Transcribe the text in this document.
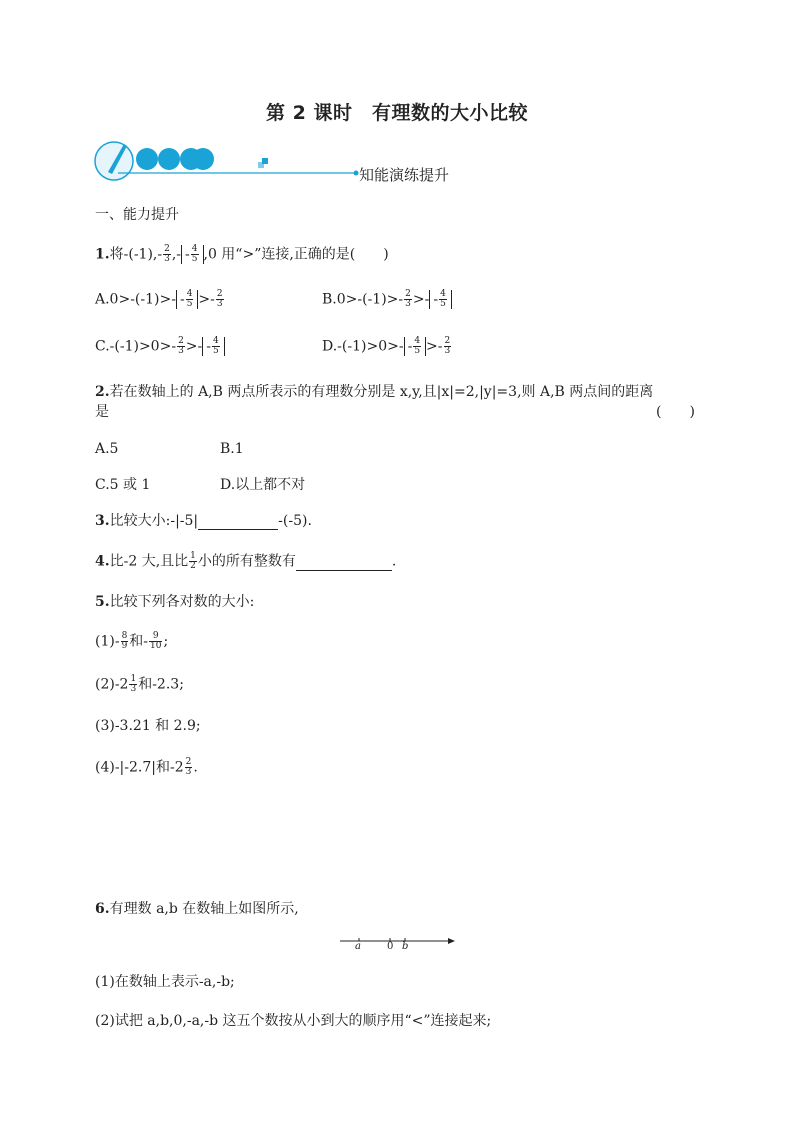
第 2 课时　有理数的大小比较
知能演练提升
一、能力提升
1.将$-(-1),- \frac{2}{3}$ ,- - $\frac{4}{5} ,0$ 用“>”连接,正确的是(　　)
$A.0>-(-1)>- - \frac{4}{5} >- \frac{2}{3}$	$B.0>-(-1)>- \frac{2}{3}$ >- - $\frac{4}{5}$
$C.-(-1)>0>- \frac{2}{3}$ >- - $\frac{4}{5}$	$D.-(-1)>0>- - \frac{4}{5} >- \frac{2}{3}$
2.若在数轴上的 A,B 两点所表示的有理数分别是 x,y,且|x|=2,|y|=3,则 A,B 两点间的距离
是	(　　)
A.5	B.1
C.5 或 1	D.以上都不对
3.比较大小:-|-5|	-(-5).
4.比-2 大,且比 $\frac{1}{2}$ 小的所有整数有	.
5.比较下列各对数的大小:
$(1)- \frac{8}{9}$ 和- $\frac{9}{10}$ ;
$(2)-2 \frac{1}{3}$ 和-2.3;
(3)-3.21 和 2.9;
(4)-|-2.7|和$-2 \frac{2}{3}$ .
6.有理数 a,b 在数轴上如图所示,
a	0 b
(1)在数轴上表示-a,-b;
(2)试把 a,b,0,-a,-b 这五个数按从小到大的顺序用“<”连接起来;
